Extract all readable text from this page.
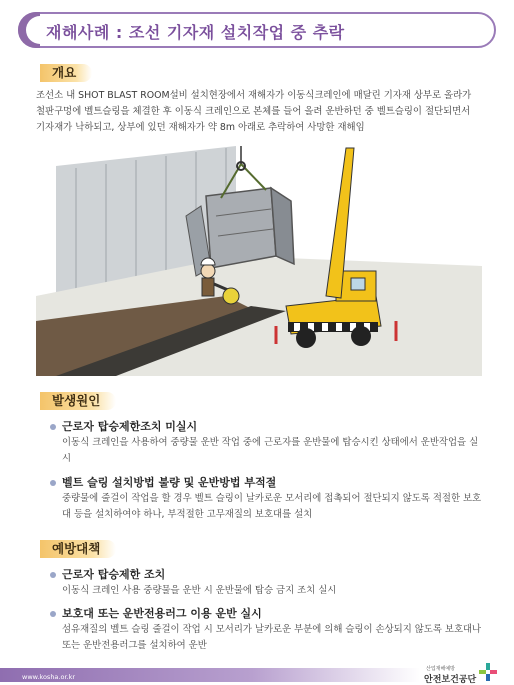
재해사례 : 조선 기자재 설치작업 중 추락
개요
조선소 내 SHOT BLAST ROOM설비 설치현장에서 재해자가 이동식크레인에 매달린 기자재 상부로 올라가 철판구멍에 벨트슬링을 체결한 후 이동식 크레인으로 본체를 들어 올려 운반하던 중 벨트슬링이 절단되면서 기자재가 낙하되고, 상부에 있던 재해자가 약 8m 아래로 추락하여 사망한 재해임
발생원인
근로자 탑승제한조치 미실시
이동식 크레인을 사용하여 중량물 운반 작업 중에 근로자를 운반물에 탑승시킨 상태에서 운반작업을 실시
벨트 슬링 설치방법 불량 및 운반방법 부적절
중량물에 줄걸이 작업을 할 경우 벨트 슬링이 날카로운 모서리에 접촉되어 절단되지 않도록 적절한 보호대 등을 설치하여야 하나, 부적절한 고무재질의 보호대를 설치
예방대책
근로자 탑승제한 조치
이동식 크레인 사용 중량물을 운반 시 운반물에 탑승 금지 조치 실시
보호대 또는 운반전용러그 이용 운반 실시
섬유재질의 벨트 슬링 줄걸이 작업 시 모서리가 날카로운 부분에 의해 슬링이 손상되지 않도록 보호대나 또는 운반전용러그를 설치하여 운반
www.kosha.or.kr
산업재해예방
안전보건공단
